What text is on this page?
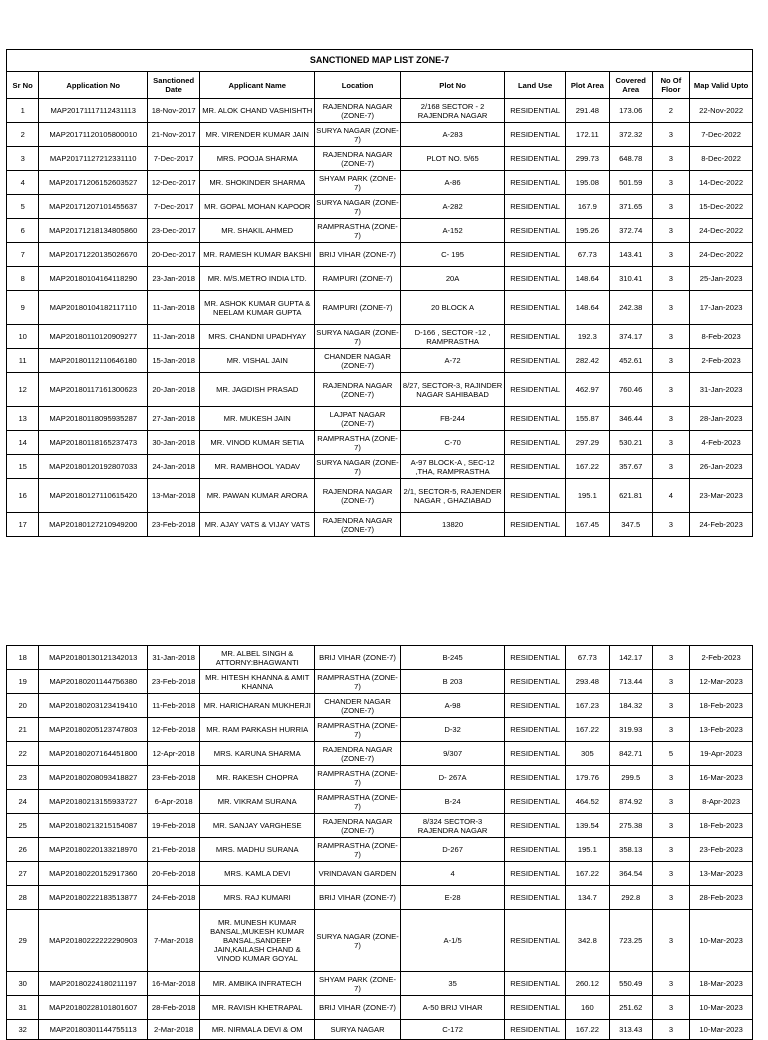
SANCTIONED MAP LIST ZONE-7										
Sr No	Application No	Sanctioned Date	Applicant Name	Location	Plot No	Land Use	Plot Area	Covered Area	No Of Floor	Map Valid Upto
1	MAP20171117112431113	18-Nov-2017	MR. ALOK CHAND VASHISHTH	RAJENDRA NAGAR (ZONE-7)	2/168 SECTOR - 2 RAJENDRA NAGAR	RESIDENTIAL	291.48	173.06	2	22-Nov-2022
2	MAP20171120105800010	21-Nov-2017	MR. VIRENDER KUMAR JAIN	SURYA NAGAR (ZONE-7)	A-283	RESIDENTIAL	172.11	372.32	3	7-Dec-2022
3	MAP20171127212331110	7-Dec-2017	MRS. POOJA SHARMA	RAJENDRA NAGAR (ZONE-7)	PLOT NO. 5/65	RESIDENTIAL	299.73	648.78	3	8-Dec-2022
4	MAP20171206152603527	12-Dec-2017	MR. SHOKINDER SHARMA	SHYAM PARK (ZONE-7)	A-86	RESIDENTIAL	195.08	501.59	3	14-Dec-2022
5	MAP20171207101455637	7-Dec-2017	MR. GOPAL MOHAN KAPOOR	SURYA NAGAR (ZONE-7)	A-282	RESIDENTIAL	167.9	371.65	3	15-Dec-2022
6	MAP20171218134805860	23-Dec-2017	MR. SHAKIL AHMED	RAMPRASTHA (ZONE-7)	A-152	RESIDENTIAL	195.26	372.74	3	24-Dec-2022
7	MAP20171220135026670	20-Dec-2017	MR. RAMESH KUMAR BAKSHI	BRIJ VIHAR (ZONE-7)	C- 195	RESIDENTIAL	67.73	143.41	3	24-Dec-2022
8	MAP20180104164118290	23-Jan-2018	MR. M/S.METRO INDIA LTD.	RAMPURI (ZONE-7)	20A	RESIDENTIAL	148.64	310.41	3	25-Jan-2023
9	MAP20180104182117110	11-Jan-2018	MR. ASHOK KUMAR GUPTA & NEELAM KUMAR GUPTA	RAMPURI (ZONE-7)	20 BLOCK A	RESIDENTIAL	148.64	242.38	3	17-Jan-2023
10	MAP20180110120909277	11-Jan-2018	MRS. CHANDNI UPADHYAY	SURYA NAGAR (ZONE-7)	D-166 , SECTOR -12 , RAMPRASTHA	RESIDENTIAL	192.3	374.17	3	8-Feb-2023
11	MAP20180112110646180	15-Jan-2018	MR. VISHAL JAIN	CHANDER NAGAR (ZONE-7)	A-72	RESIDENTIAL	282.42	452.61	3	2-Feb-2023
12	MAP20180117161300623	20-Jan-2018	MR. JAGDISH PRASAD	RAJENDRA NAGAR (ZONE-7)	8/27, SECTOR-3, RAJINDER NAGAR SAHIBABAD	RESIDENTIAL	462.97	760.46	3	31-Jan-2023
13	MAP20180118095935287	27-Jan-2018	MR. MUKESH JAIN	LAJPAT NAGAR (ZONE-7)	FB-244	RESIDENTIAL	155.87	346.44	3	28-Jan-2023
14	MAP20180118165237473	30-Jan-2018	MR. VINOD KUMAR SETIA	RAMPRASTHA (ZONE-7)	C-70	RESIDENTIAL	297.29	530.21	3	4-Feb-2023
15	MAP20180120192807033	24-Jan-2018	MR. RAMBHOOL YADAV	SURYA NAGAR (ZONE-7)	A-97 BLOCK-A , SEC-12 ,THA, RAMPRASTHA	RESIDENTIAL	167.22	357.67	3	26-Jan-2023
16	MAP20180127110615420	13-Mar-2018	MR. PAWAN KUMAR ARORA	RAJENDRA NAGAR (ZONE-7)	2/1, SECTOR-5, RAJENDER NAGAR , GHAZIABAD	RESIDENTIAL	195.1	621.81	4	23-Mar-2023
17	MAP20180127210949200	23-Feb-2018	MR. AJAY VATS & VIJAY VATS	RAJENDRA NAGAR (ZONE-7)	13820	RESIDENTIAL	167.45	347.5	3	24-Feb-2023
18	MAP20180130121342013	31-Jan-2018	MR. ALBEL SINGH & ATTORNY:BHAGWANTI	BRIJ VIHAR (ZONE-7)	B-245	RESIDENTIAL	67.73	142.17	3	2-Feb-2023
19	MAP20180201144756380	23-Feb-2018	MR. HITESH KHANNA & AMIT KHANNA	RAMPRASTHA (ZONE-7)	B 203	RESIDENTIAL	293.48	713.44	3	12-Mar-2023
20	MAP20180203123419410	11-Feb-2018	MR. HARICHARAN MUKHERJI	CHANDER NAGAR (ZONE-7)	A-98	RESIDENTIAL	167.23	184.32	3	18-Feb-2023
21	MAP20180205123747803	12-Feb-2018	MR. RAM PARKASH HURRIA	RAMPRASTHA (ZONE-7)	D-32	RESIDENTIAL	167.22	319.93	3	13-Feb-2023
22	MAP20180207164451800	12-Apr-2018	MRS. KARUNA SHARMA	RAJENDRA NAGAR (ZONE-7)	9/307	RESIDENTIAL	305	842.71	5	19-Apr-2023
23	MAP20180208093418827	23-Feb-2018	MR. RAKESH CHOPRA	RAMPRASTHA (ZONE-7)	D- 267A	RESIDENTIAL	179.76	299.5	3	16-Mar-2023
24	MAP20180213155933727	6-Apr-2018	MR. VIKRAM SURANA	RAMPRASTHA (ZONE-7)	B-24	RESIDENTIAL	464.52	874.92	3	8-Apr-2023
25	MAP20180213215154087	19-Feb-2018	MR. SANJAY VARGHESE	RAJENDRA NAGAR (ZONE-7)	8/324 SECTOR-3 RAJENDRA NAGAR	RESIDENTIAL	139.54	275.38	3	18-Feb-2023
26	MAP20180220133218970	21-Feb-2018	MRS. MADHU SURANA	RAMPRASTHA (ZONE-7)	D-267	RESIDENTIAL	195.1	358.13	3	23-Feb-2023
27	MAP20180220152917360	20-Feb-2018	MRS. KAMLA DEVI	VRINDAVAN GARDEN	4	RESIDENTIAL	167.22	364.54	3	13-Mar-2023
28	MAP20180222183513877	24-Feb-2018	MRS. RAJ KUMARI	BRIJ VIHAR (ZONE-7)	E-28	RESIDENTIAL	134.7	292.8	3	28-Feb-2023
29	MAP20180222222290903	7-Mar-2018	MR. MUNESH KUMAR BANSAL,MUKESH KUMAR BANSAL,SANDEEP JAIN,KAILASH CHAND & VINOD KUMAR GOYAL	SURYA NAGAR (ZONE-7)	A-1/5	RESIDENTIAL	342.8	723.25	3	10-Mar-2023
30	MAP20180224180211197	16-Mar-2018	MR. AMBIKA INFRATECH	SHYAM PARK (ZONE-7)	35	RESIDENTIAL	260.12	550.49	3	18-Mar-2023
31	MAP20180228101801607	28-Feb-2018	MR. RAVISH KHETRAPAL	BRIJ VIHAR (ZONE-7)	A-50 BRIJ VIHAR	RESIDENTIAL	160	251.62	3	10-Mar-2023
32	MAP20180301144755113	2-Mar-2018	MR. NIRMALA DEVI & OM	SURYA NAGAR	C-172	RESIDENTIAL	167.22	313.43	3	10-Mar-2023
